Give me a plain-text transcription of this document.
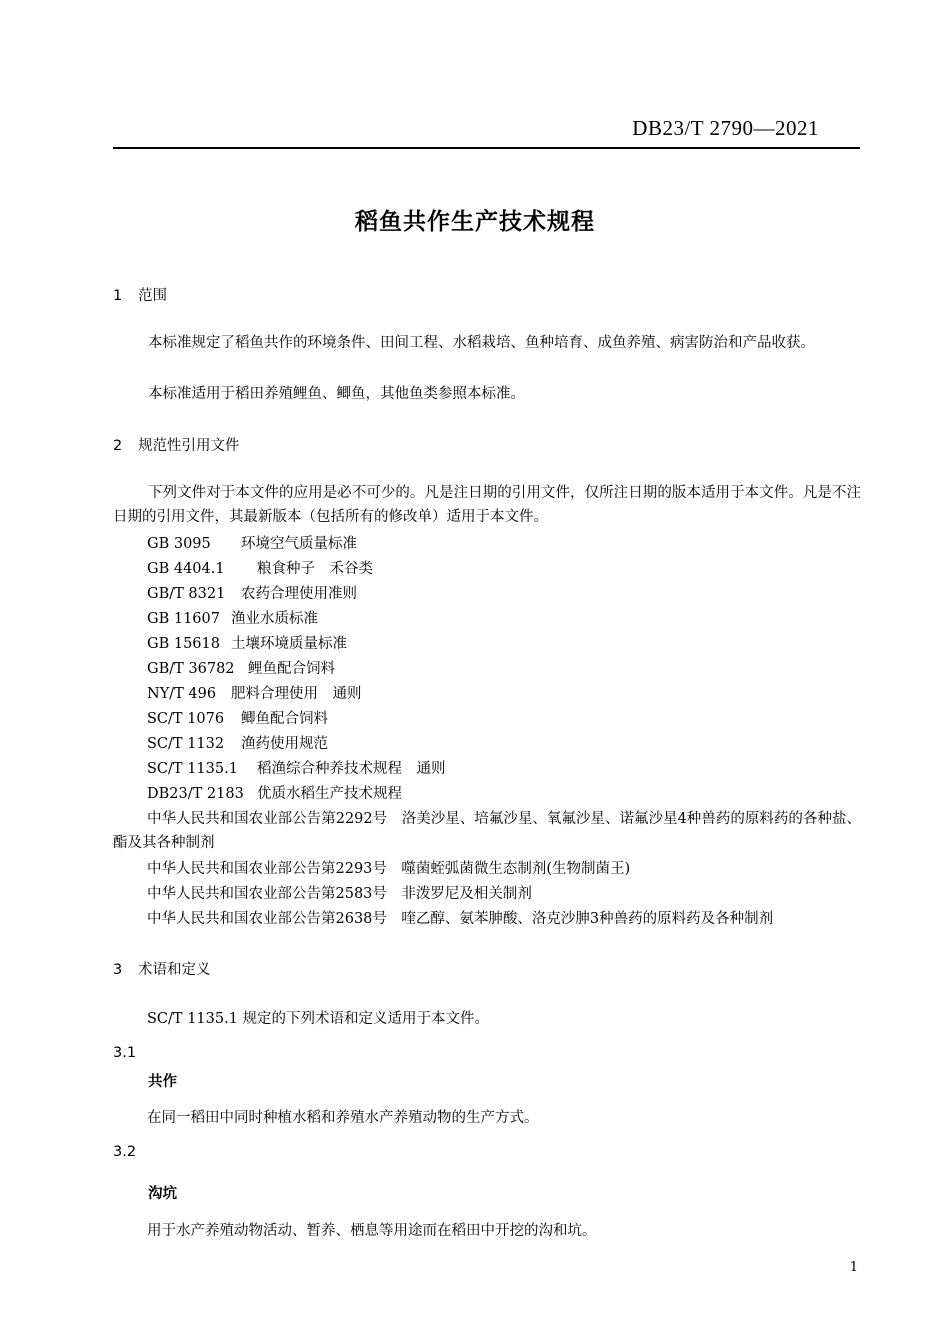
DB23/T 2790—2021
稻鱼共作生产技术规程
1 范围

本标准规定了稻鱼共作的环境条件、田间工程、水稻栽培、鱼种培育、成鱼养殖、病害防治和产品收获。

本标准适用于稻田养殖鲤鱼、鲫鱼，其他鱼类参照本标准。

2 规范性引用文件

下列文件对于本文件的应用是必不可少的。凡是注日期的引用文件，仅所注日期的版本适用于本文件。凡是不注日期的引用文件，其最新版本（包括所有的修改单）适用于本文件。

GB 3095 环境空气质量标准
GB 4404.1 粮食种子　禾谷类
GB/T 8321 农药合理使用准则
GB 11607 渔业水质标准
GB 15618 土壤环境质量标准
GB/T 36782 鲤鱼配合饲料
NY/T 496 肥料合理使用　通则
SC/T 1076 鲫鱼配合饲料
SC/T 1132 渔药使用规范
SC/T 1135.1 稻渔综合种养技术规程　通则
DB23/T 2183 优质水稻生产技术规程

中华人民共和国农业部公告第2292号　 洛美沙星、培氟沙星、氧氟沙星、诺氟沙星4种兽药的原料药的各种盐、酯及其各种制剂

中华人民共和国农业部公告第2293号　 噬菌蛭弧菌微生态制剂(生物制菌王)
中华人民共和国农业部公告第2583号　 非泼罗尼及相关制剂
中华人民共和国农业部公告第2638号　 喹乙醇、氨苯胂酸、洛克沙胂3种兽药的原料药及各种制剂
3 术语和定义
SC/T 1135.1 规定的下列术语和定义适用于本文件。
3.1
共作
在同一稻田中同时种植水稻和养殖水产养殖动物的生产方式。
3.2
沟坑
用于水产养殖动物活动、暂养、栖息等用途而在稻田中开挖的沟和坑。
1
